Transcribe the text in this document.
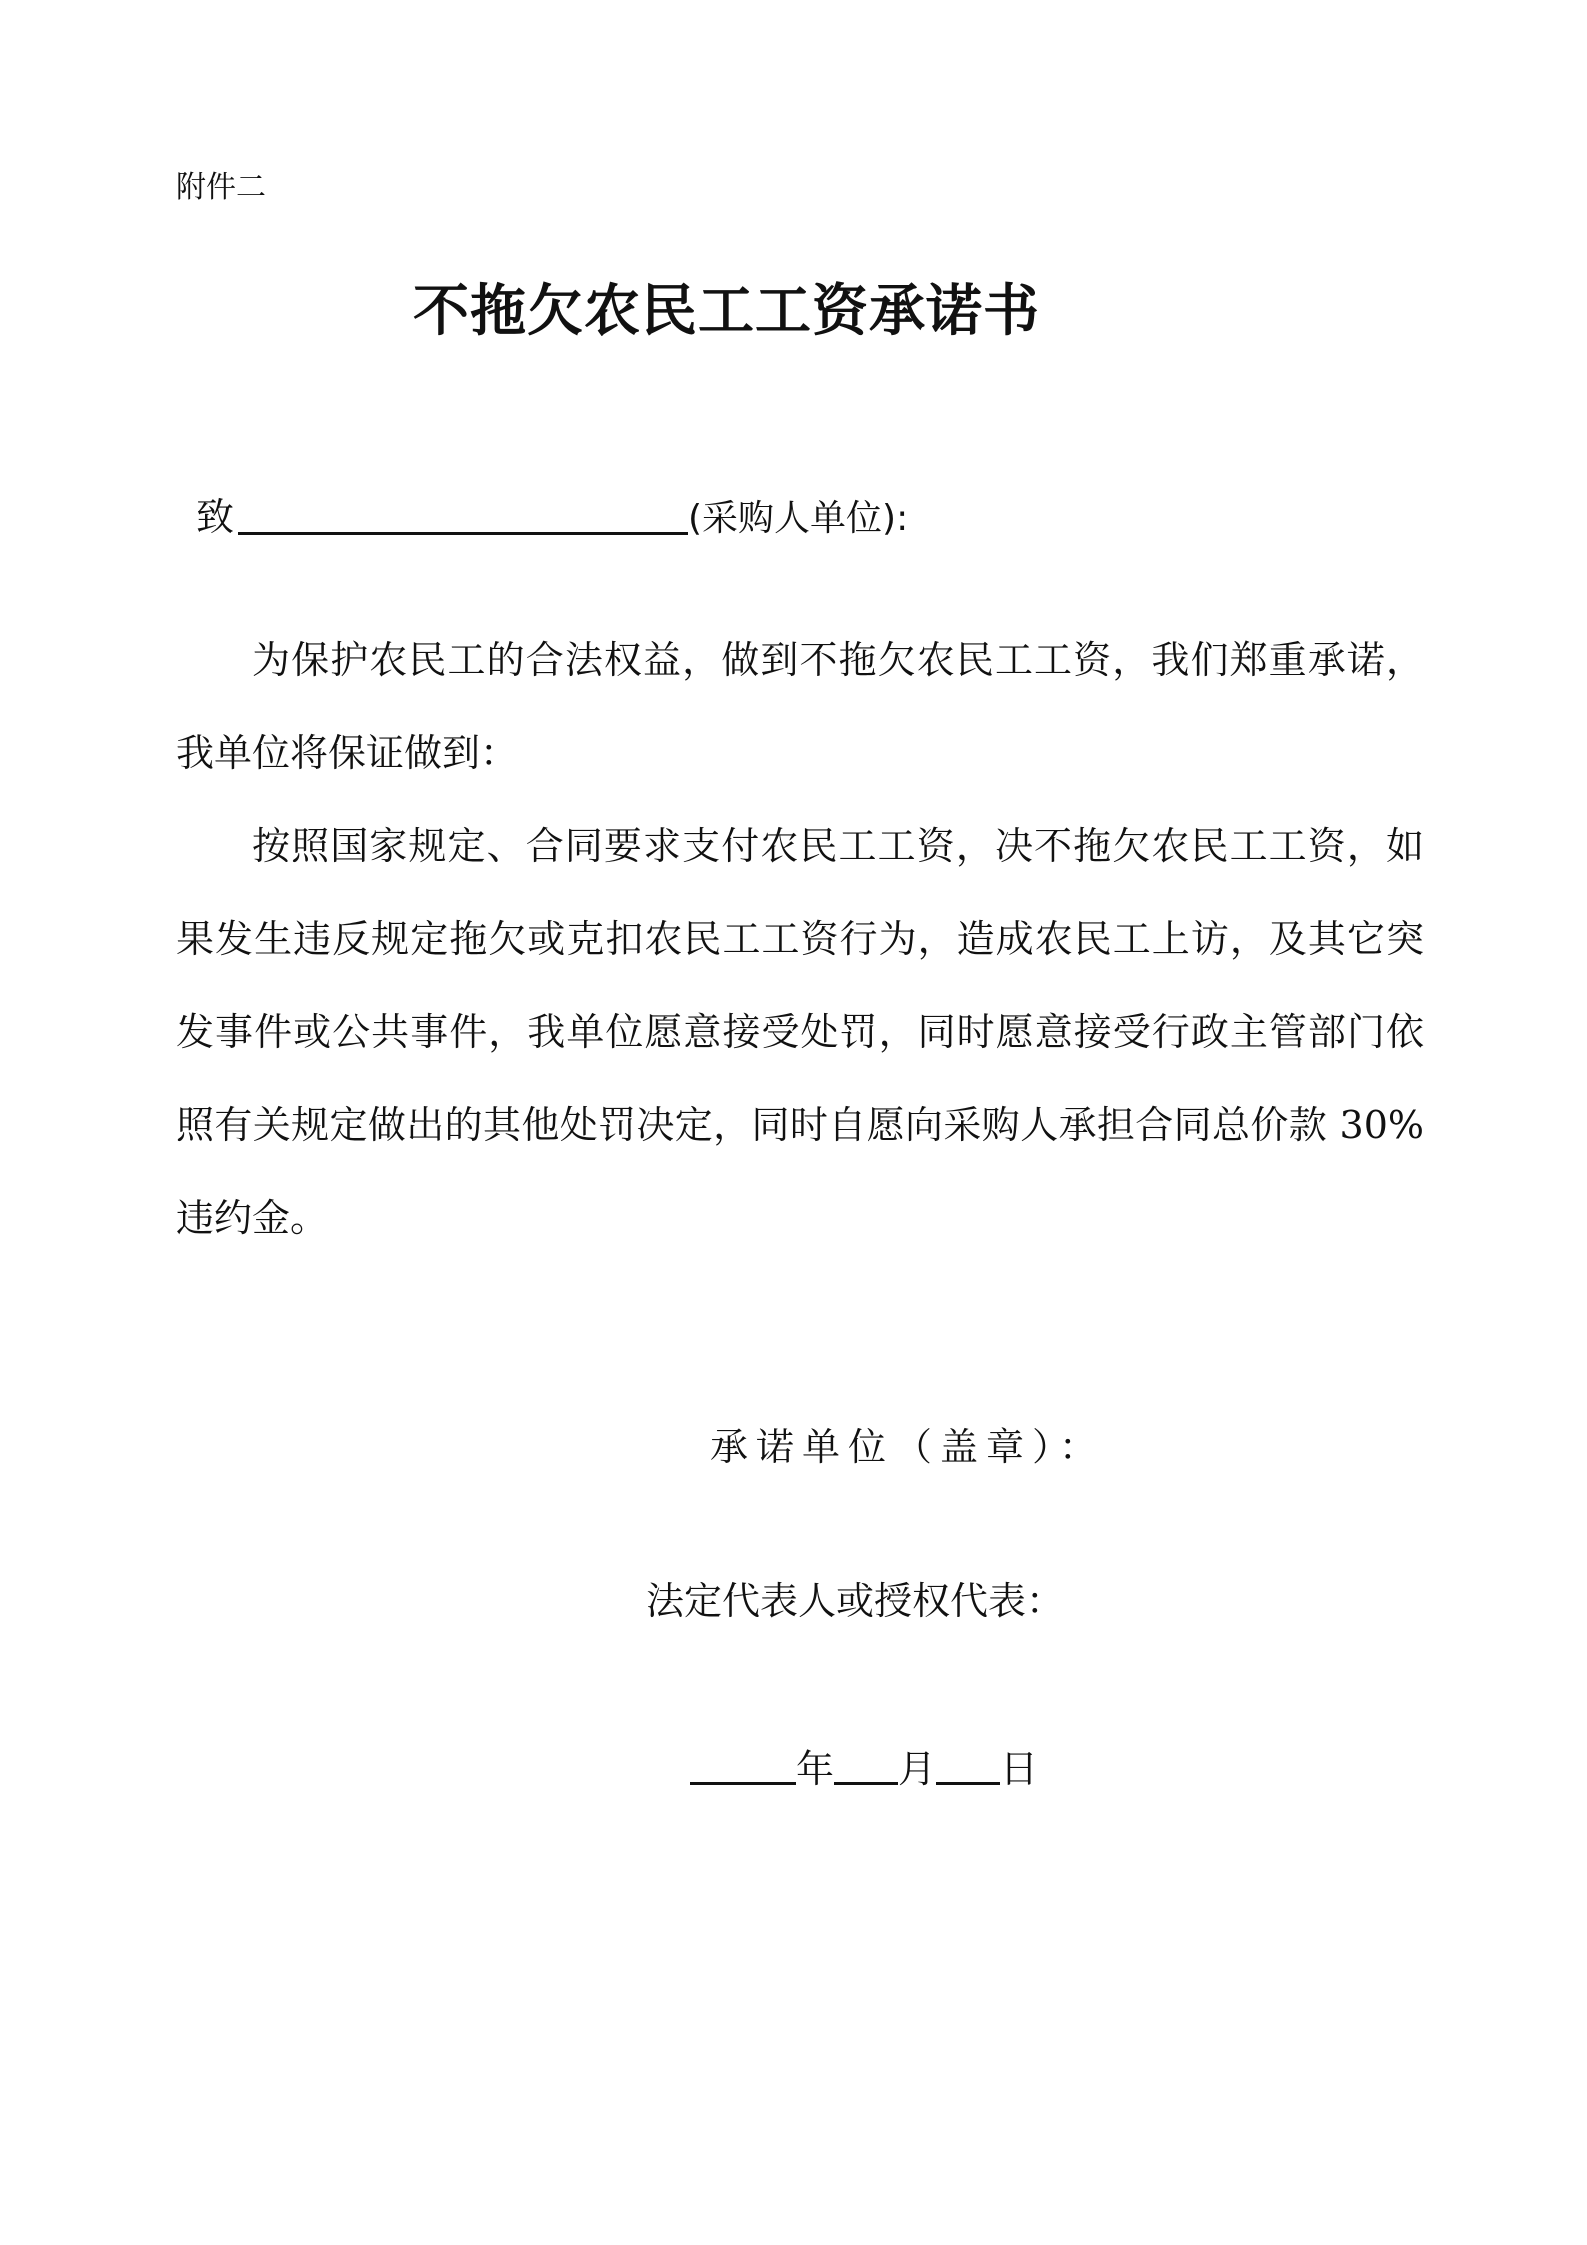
附件二
不拖欠农民工工资承诺书
致	(采购人单位):

为保护农民工的合法权益，做到不拖欠农民工工资，我们郑重承诺，我单位将保证做到：

按照国家规定、合同要求支付农民工工资，决不拖欠农民工工资，如果发生违反规定拖欠或克扣农民工工资行为，造成农民工上访，及其它突发事件或公共事件，我单位愿意接受处罚，同时愿意接受行政主管部门依照有关规定做出的其他处罚决定，同时自愿向采购人承担合同总价款 30%违约金。

承诺单位（盖章）：
法定代表人或授权代表：
年 月 日
